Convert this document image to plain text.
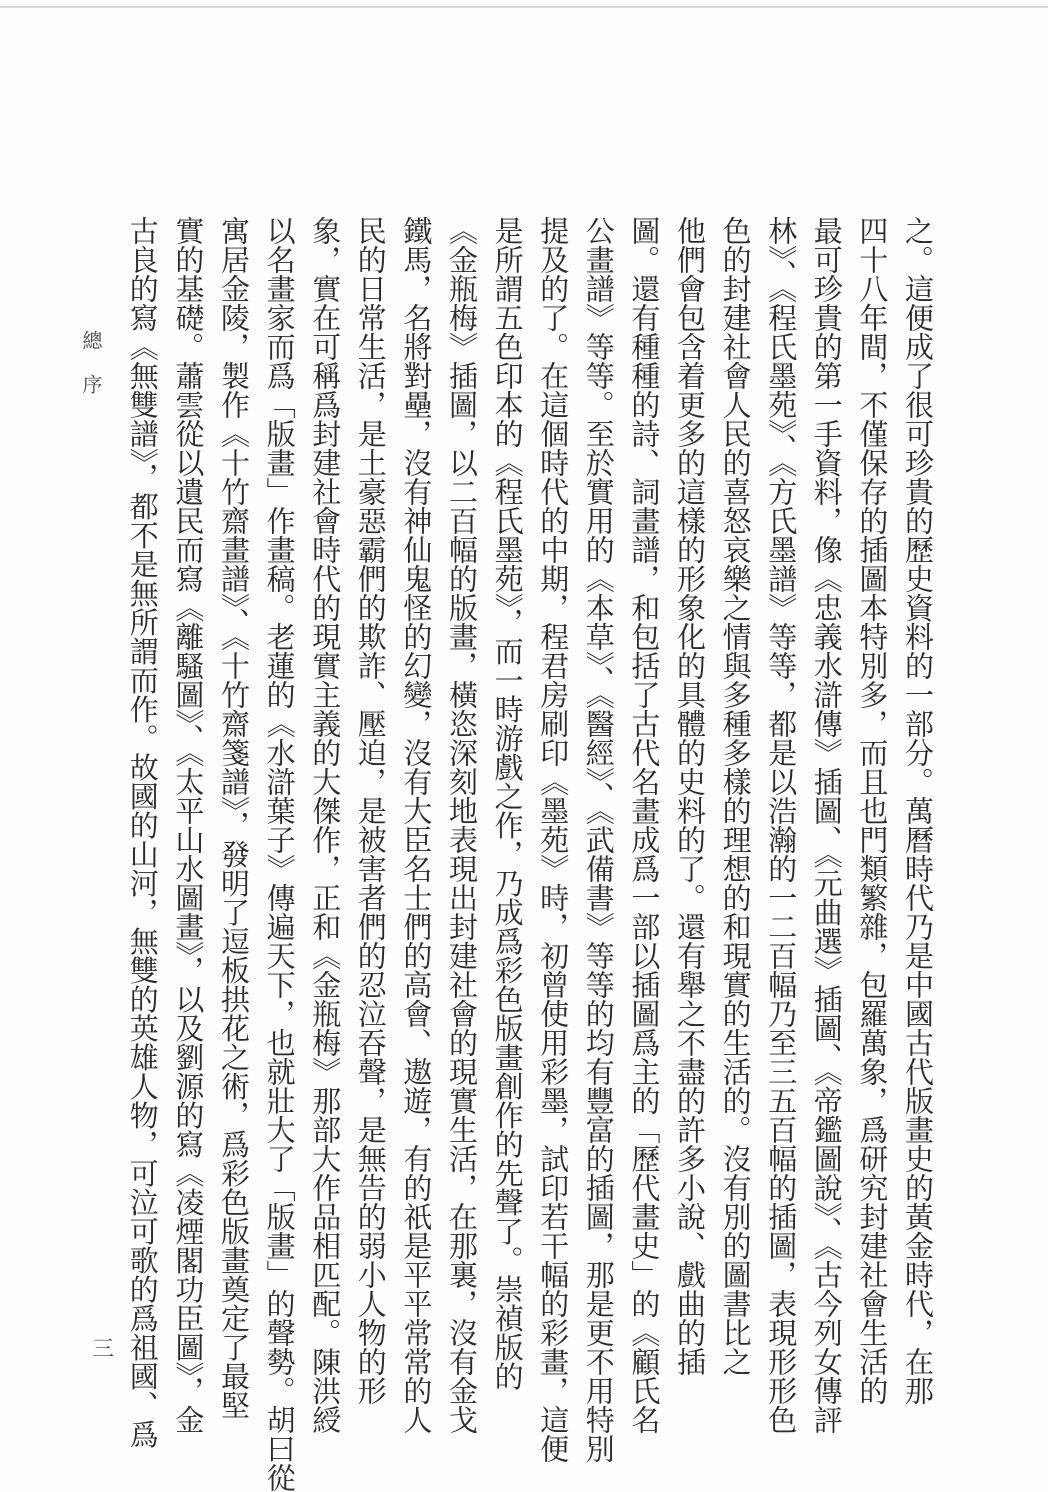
之。這便成了很可珍貴的歷史資料的一部分。萬曆時代乃是中國古代版畫史的黃金時代，在那
四十八年間，不僅保存的插圖本特別多，而且也門類繁雜，包羅萬象，爲研究封建社會生活的
最可珍貴的第一手資料，像《忠義水滸傳》插圖、《元曲選》插圖、《帝鑑圖說》、《古今列女傳評
林》、《程氏墨苑》、《方氏墨譜》等等，都是以浩瀚的一二百幅乃至三五百幅的插圖，表現形形色
色的封建社會人民的喜怒哀樂之情與多種多樣的理想的和現實的生活的。沒有別的圖書比之
他們會包含着更多的這樣的形象化的具體的史料的了。還有舉之不盡的許多小說、戲曲的插
圖。還有種種的詩、詞畫譜，和包括了古代名畫成爲一部以插圖爲主的「歷代畫史」的《顧氏名
公畫譜》等等。至於實用的《本草》、《醫經》、《武備書》等等的均有豐富的插圖，那是更不用特別
提及的了。在這個時代的中期，程君房刷印《墨苑》時，初曾使用彩墨，試印若干幅的彩畫，這便
是所謂五色印本的《程氏墨苑》，而一時游戲之作，乃成爲彩色版畫創作的先聲了。崇禎版的
《金瓶梅》插圖，以二百幅的版畫，橫恣深刻地表現出封建社會的現實生活，在那裏，沒有金戈
鐵馬，名將對壘，沒有神仙鬼怪的幻變，沒有大臣名士們的高會、遨遊，有的祇是平平常常的人
民的日常生活，是土豪惡霸們的欺詐、壓迫，是被害者們的忍泣吞聲，是無告的弱小人物的形
象，實在可稱爲封建社會時代的現實主義的大傑作，正和《金瓶梅》那部大作品相匹配。陳洪綬
以名畫家而爲「版畫」作畫稿。老蓮的《水滸葉子》傳遍天下，也就壯大了「版畫」的聲勢。胡曰從
寓居金陵，製作《十竹齋畫譜》、《十竹齋箋譜》，發明了逗板拱花之術，爲彩色版畫奠定了最堅
實的基礎。蕭雲從以遺民而寫《離騷圖》、《太平山水圖畫》，以及劉源的寫《凌煙閣功臣圖》，金
古良的寫《無雙譜》，都不是無所謂而作。故國的山河，無雙的英雄人物，可泣可歌的爲祖國、爲
總序
三
